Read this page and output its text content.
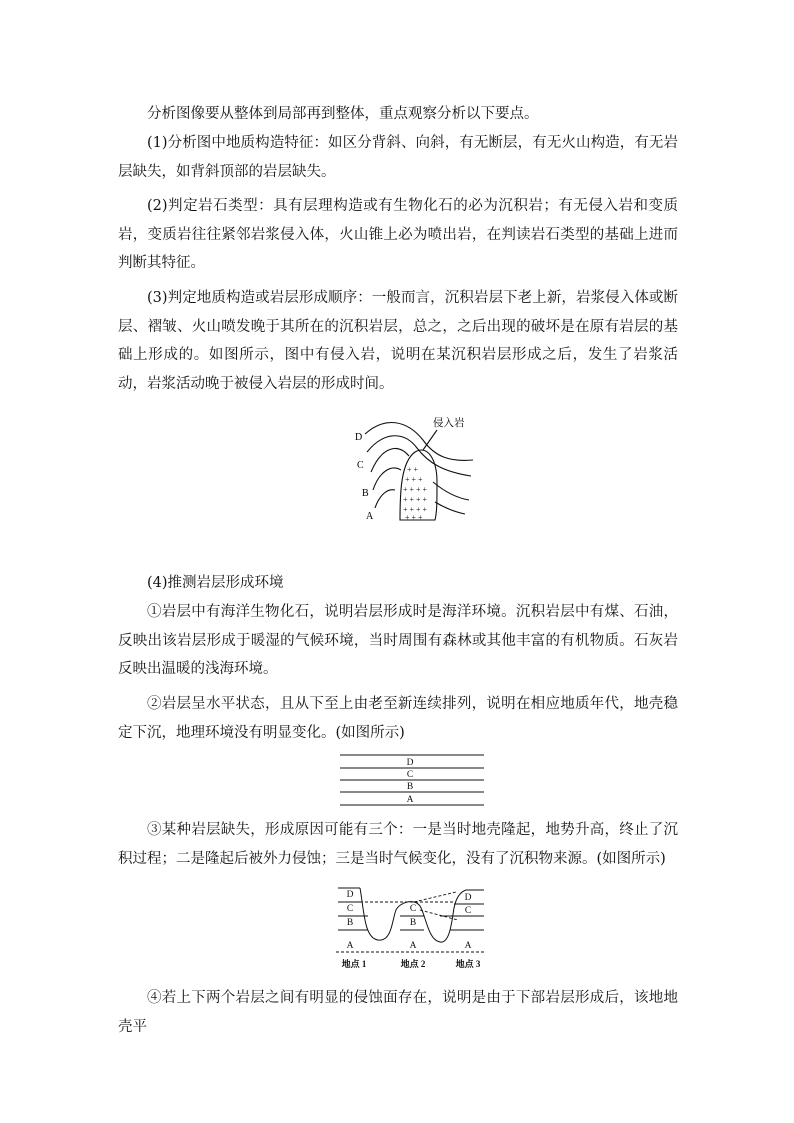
分析图像要从整体到局部再到整体，重点观察分析以下要点。

(1)分析图中地质构造特征：如区分背斜、向斜，有无断层，有无火山构造，有无岩层缺失，如背斜顶部的岩层缺失。

(2)判定岩石类型：具有层理构造或有生物化石的必为沉积岩；有无侵入岩和变质岩，变质岩往往紧邻岩浆侵入体，火山锥上必为喷出岩，在判读岩石类型的基础上进而判断其特征。

(3)判定地质构造或岩层形成顺序：一般而言，沉积岩层下老上新，岩浆侵入体或断层、褶皱、火山喷发晚于其所在的沉积岩层，总之，之后出现的破坏是在原有岩层的基础上形成的。如图所示，图中有侵入岩，说明在某沉积岩层形成之后，发生了岩浆活动，岩浆活动晚于被侵入岩层的形成时间。

+ +
+ + +
+ + + +
+ + + +
+ + + +
+ + +
侵入岩
D
C
B
A

(4)推测岩层形成环境

①岩层中有海洋生物化石，说明岩层形成时是海洋环境。沉积岩层中有煤、石油，反映出该岩层形成于暖湿的气候环境，当时周围有森林或其他丰富的有机物质。石灰岩反映出温暖的浅海环境。

②岩层呈水平状态，且从下至上由老至新连续排列，说明在相应地质年代，地壳稳定下沉，地理环境没有明显变化。(如图所示)

D
C
B
A

③某种岩层缺失，形成原因可能有三个：一是当时地壳隆起，地势升高，终止了沉积过程；二是隆起后被外力侵蚀；三是当时气候变化，没有了沉积物来源。(如图所示)

D
C
B
A
C
B
A
D
C
A
地点 1	地点 2	地点 3

④若上下两个岩层之间有明显的侵蚀面存在，说明是由于下部岩层形成后，该地地壳平
